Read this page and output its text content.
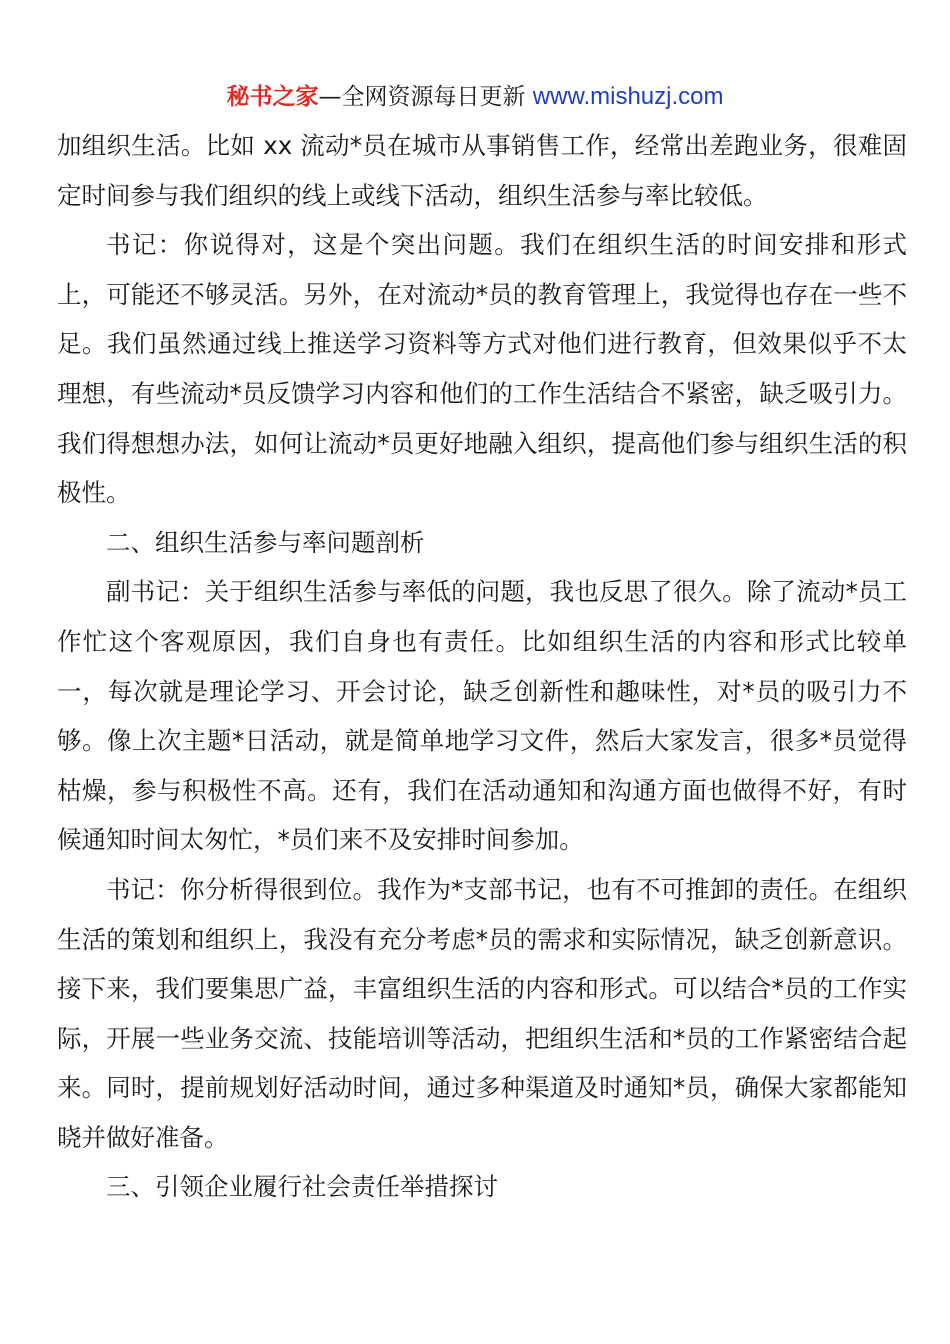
秘书之家—全网资源每日更新 www.mishuzj.com

加组织生活。比如 xx 流动*员在城市从事销售工作，经常出差跑业务，很难固定时间参与我们组织的线上或线下活动，组织生活参与率比较低。

书记：你说得对，这是个突出问题。我们在组织生活的时间安排和形式上，可能还不够灵活。另外，在对流动*员的教育管理上，我觉得也存在一些不足。我们虽然通过线上推送学习资料等方式对他们进行教育，但效果似乎不太理想，有些流动*员反馈学习内容和他们的工作生活结合不紧密，缺乏吸引力。我们得想想办法，如何让流动*员更好地融入组织，提高他们参与组织生活的积极性。

二、组织生活参与率问题剖析

副书记：关于组织生活参与率低的问题，我也反思了很久。除了流动*员工作忙这个客观原因，我们自身也有责任。比如组织生活的内容和形式比较单一，每次就是理论学习、开会讨论，缺乏创新性和趣味性，对*员的吸引力不够。像上次主题*日活动，就是简单地学习文件，然后大家发言，很多*员觉得枯燥，参与积极性不高。还有，我们在活动通知和沟通方面也做得不好，有时候通知时间太匆忙，*员们来不及安排时间参加。

书记：你分析得很到位。我作为*支部书记，也有不可推卸的责任。在组织生活的策划和组织上，我没有充分考虑*员的需求和实际情况，缺乏创新意识。接下来，我们要集思广益，丰富组织生活的内容和形式。可以结合*员的工作实际，开展一些业务交流、技能培训等活动，把组织生活和*员的工作紧密结合起来。同时，提前规划好活动时间，通过多种渠道及时通知*员，确保大家都能知晓并做好准备。

三、引领企业履行社会责任举措探讨
